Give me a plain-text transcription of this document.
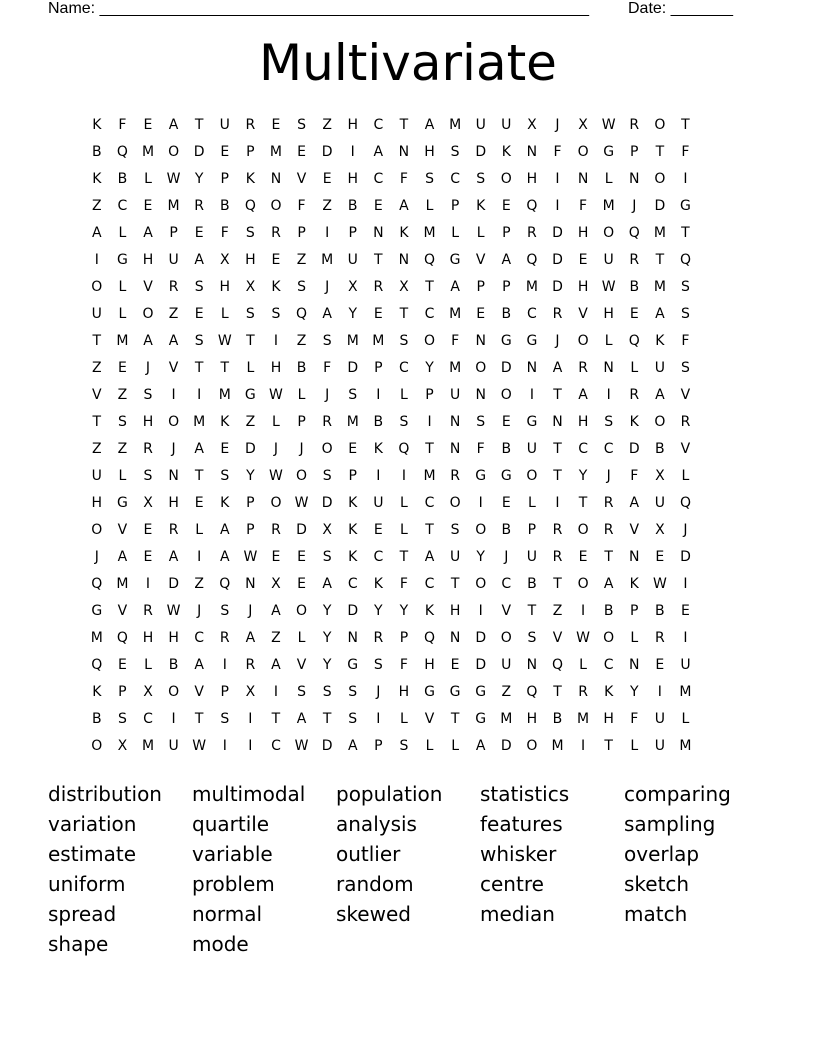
Name: _______________________________________________________ Date: _______
Multivariate
K	F	E	A	T	U	R	E	S	Z	H	C	T	A	M	U	U	X	J	X W R	O	T
B	Q	M	O	D	E	P	M	E	D	I	A	N	H	S	D	K	N	F	O	G	P	T	F
K	B	L	W	Y	P	K	N	V	E	H	C	F	S	C	S	O	H	I	N	L	N	O	I
Z	C	E	M	R	B	Q	O	F	Z	B	E	A	L	P	K	E	Q	I	F	M	J	D	G
A	L	A	P	E	F	S	R	P	I	P	N	K	M	L	L	P	R	D	H	O	Q	M	T
I	G	H	U	A	X	H	E	Z	M	U	T	N	Q	G	V	A	Q	D	E	U	R	T	Q
O	L	V	R	S	H	X	K	S	J	X	R	X	T	A	P	P	M	D	H W B	M	S
U	L	O	Z	E	L	S	S	Q	A	Y	E	T	C	M	E	B	C	R	V	H	E	A	S
T	M	A	A	S	W	T	I	Z	S	M M	S	O	F	N	G	G	J	O	L	Q	K	F
Z	E	J	V	T	T	L	H	B	F	D	P	C	Y	M	O	D	N	A	R	N	L	U	S
V	Z	S	I	I	M	G W	L	J	S	I	L	P	U	N	O	I	T	A	I	R	A	V
T	S	H	O	M	K	Z	L	P	R	M	B	S	I	N	S	E	G	N	H	S	K	O	R
Z	Z	R	J	A	E	D	J	J	O	E	K	Q	T	N	F	B	U	T	C	C	D	B	V
U	L	S	N	T	S	Y	W O	S	P	I	I	M	R	G	G	O	T	Y	J	F	X	L
H	G	X	H	E	K	P	O W D	K	U	L	C	O	I	E	L	I	T	R	A	U	Q
O	V	E	R	L	A	P	R	D	X	K	E	L	T	S	O	B	P	R	O	R	V	X	J
J	A	E	A	I	A W	E	E	S	K	C	T	A	U	Y	J	U	R	E	T	N	E	D
Q	M	I	D	Z	Q	N	X	E	A	C	K	F	C	T	O	C	B	T	O	A	K	W	I
G	V	R W	J	S	J	A	O	Y	D	Y	Y	K	H	I	V	T	Z	I	B	P	B	E
M	Q	H	H	C	R	A	Z	L	Y	N	R	P	Q	N	D	O	S	V W O	L	R	I
Q	E	L	B	A	I	R	A	V	Y	G	S	F	H	E	D	U	N	Q	L	C	N	E	U
K	P	X	O	V	P	X	I	S	S	S	J	H	G	G	G	Z	Q	T	R	K	Y	I	M
B	S	C	I	T	S	I	T	A	T	S	I	L	V	T	G	M	H	B	M	H	F	U	L
O	X	M	U W	I	I	C W D	A	P	S	L	L	A	D	O	M	I	T	L	U	M
distribution multimodal population statistics	comparing
variation	quartile	analysis	features	sampling
estimate	variable	outlier	whisker	overlap
uniform	problem	random	centre	sketch
spread	normal	skewed	median	match
shape	mode
